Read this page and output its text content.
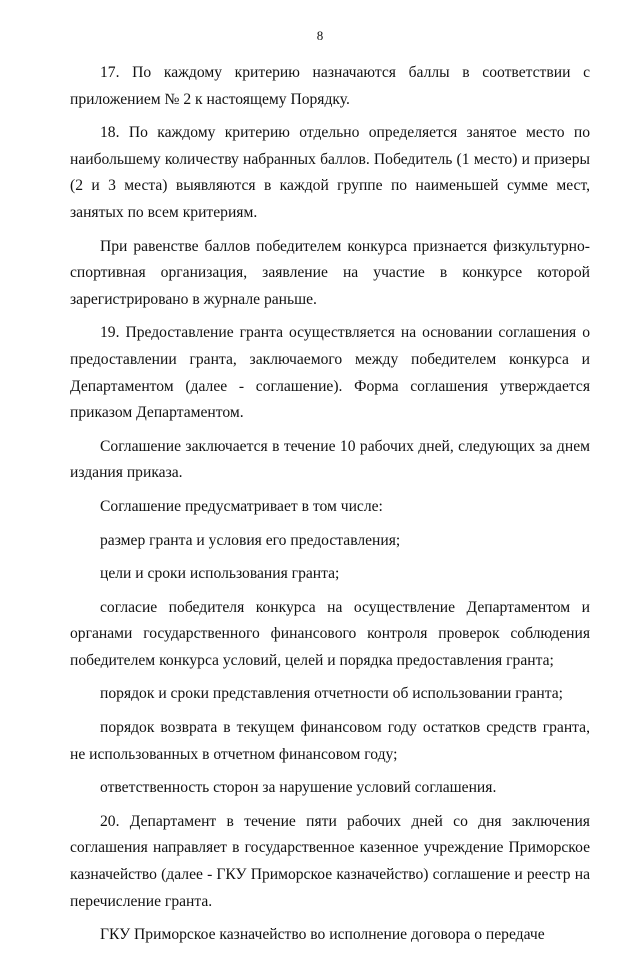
8

17. По каждому критерию назначаются баллы в соответствии с приложением № 2 к настоящему Порядку.

18. По каждому критерию отдельно определяется занятое место по наибольшему количеству набранных баллов. Победитель (1 место) и призеры (2 и 3 места) выявляются в каждой группе по наименьшей сумме мест, занятых по всем критериям.

При равенстве баллов победителем конкурса признается физкультурно-спортивная организация, заявление на участие в конкурсе которой зарегистрировано в журнале раньше.

19. Предоставление гранта осуществляется на основании соглашения о предоставлении гранта, заключаемого между победителем конкурса и Департаментом (далее - соглашение). Форма соглашения утверждается приказом Департаментом.

Соглашение заключается в течение 10 рабочих дней, следующих за днем издания приказа.

Соглашение предусматривает в том числе:

размер гранта и условия его предоставления;

цели и сроки использования гранта;

согласие победителя конкурса на осуществление Департаментом и органами государственного финансового контроля проверок соблюдения победителем конкурса условий, целей и порядка предоставления гранта;

порядок и сроки представления отчетности об использовании гранта;

порядок возврата в текущем финансовом году остатков средств гранта, не использованных в отчетном финансовом году;

ответственность сторон за нарушение условий соглашения.

20. Департамент в течение пяти рабочих дней со дня заключения соглашения направляет в государственное казенное учреждение Приморское казначейство (далее - ГКУ Приморское казначейство) соглашение и реестр на перечисление гранта.

ГКУ Приморское казначейство во исполнение договора о передаче
